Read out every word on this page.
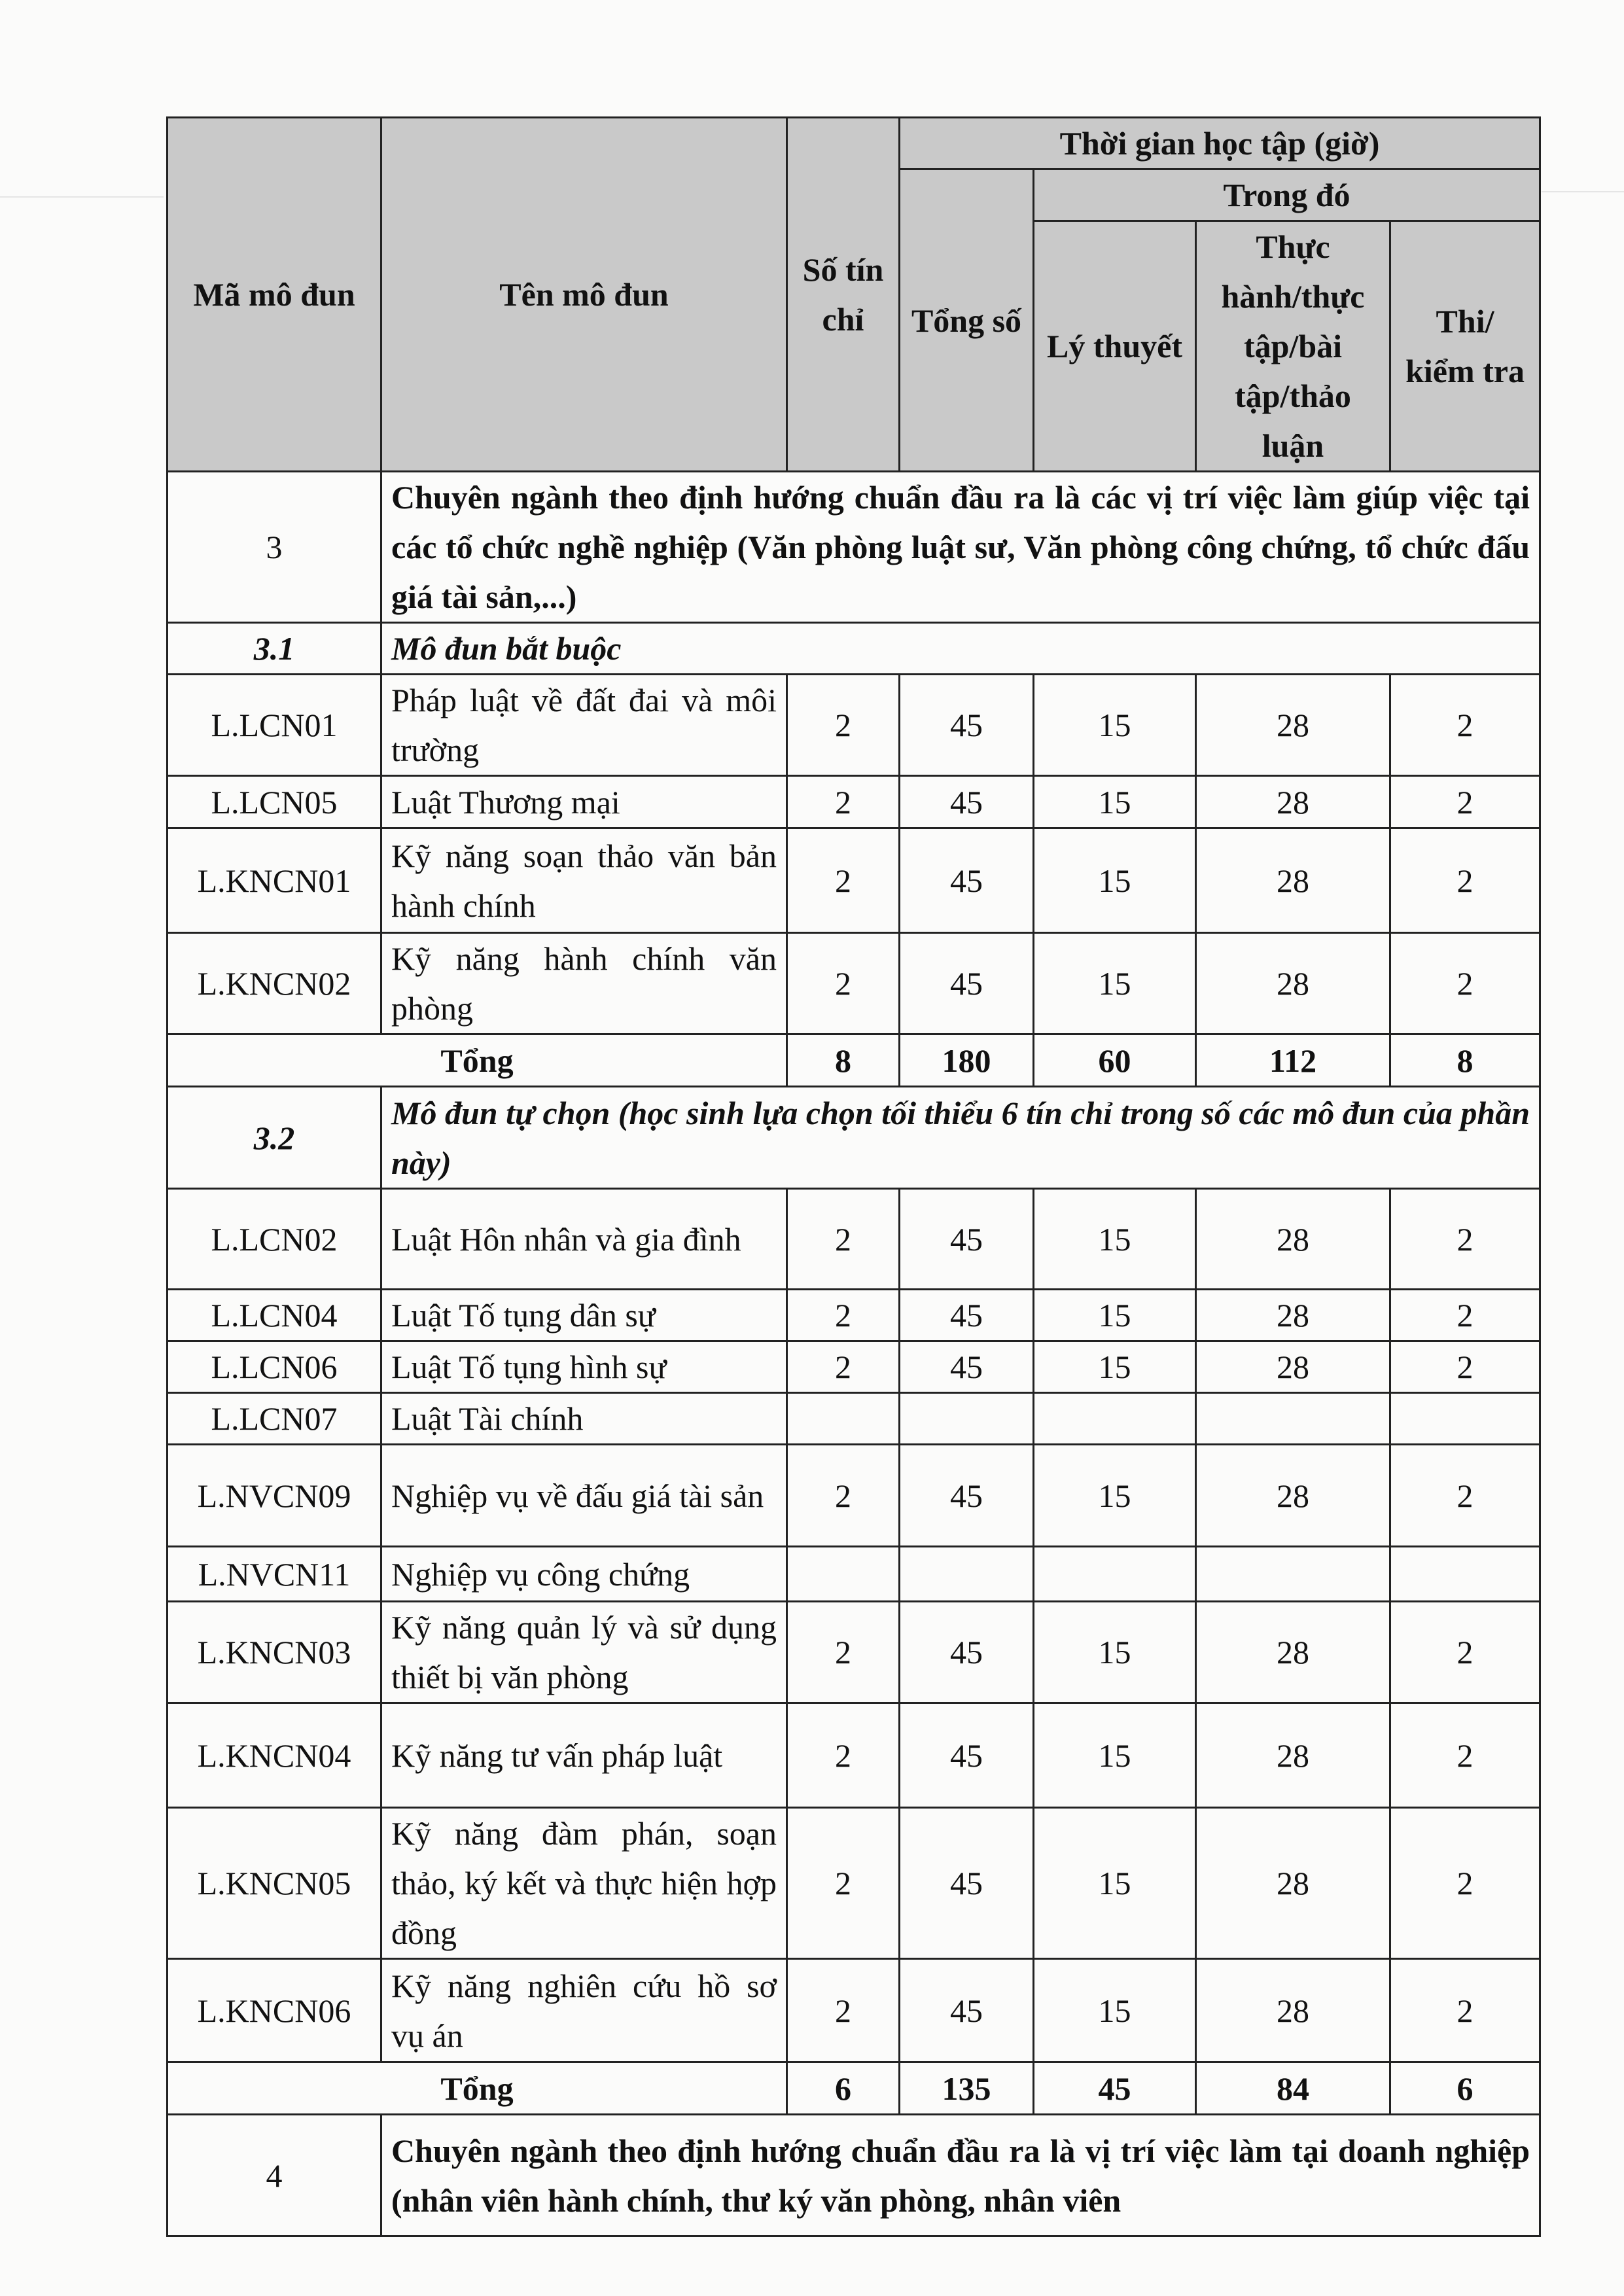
Mã mô đun	Tên mô đun	Số tín chỉ	Thời gian học tập (giờ)			
			Tổng số	Trong đó		
				Lý thuyết	Thực hành/thực tập/bài tập/thảo luận	Thi/ kiểm tra
3	Chuyên ngành theo định hướng chuẩn đầu ra là các vị trí việc làm giúp việc tại các tổ chức nghề nghiệp (Văn phòng luật sư, Văn phòng công chứng, tổ chức đấu giá tài sản,...)					
3.1	Mô đun bắt buộc					
L.LCN01	Pháp luật về đất đai và môi trường	2	45	15	28	2
L.LCN05	Luật Thương mại	2	45	15	28	2
L.KNCN01	Kỹ năng soạn thảo văn bản hành chính	2	45	15	28	2
L.KNCN02	Kỹ năng hành chính văn phòng	2	45	15	28	2
Tổng		8	180	60	112	8
3.2	Mô đun tự chọn (học sinh lựa chọn tối thiểu 6 tín chỉ trong số các mô đun của phần này)					
L.LCN02	Luật Hôn nhân và gia đình	2	45	15	28	2
L.LCN04	Luật Tố tụng dân sự	2	45	15	28	2
L.LCN06	Luật Tố tụng hình sự	2	45	15	28	2
L.LCN07	Luật Tài chính					
L.NVCN09	Nghiệp vụ về đấu giá tài sản	2	45	15	28	2
L.NVCN11	Nghiệp vụ công chứng					
L.KNCN03	Kỹ năng quản lý và sử dụng thiết bị văn phòng	2	45	15	28	2
L.KNCN04	Kỹ năng tư vấn pháp luật	2	45	15	28	2
L.KNCN05	Kỹ năng đàm phán, soạn thảo, ký kết và thực hiện hợp đồng	2	45	15	28	2
L.KNCN06	Kỹ năng nghiên cứu hồ sơ vụ án	2	45	15	28	2
Tổng		6	135	45	84	6
4	Chuyên ngành theo định hướng chuẩn đầu ra là vị trí việc làm tại doanh nghiệp (nhân viên hành chính, thư ký văn phòng, nhân viên					
